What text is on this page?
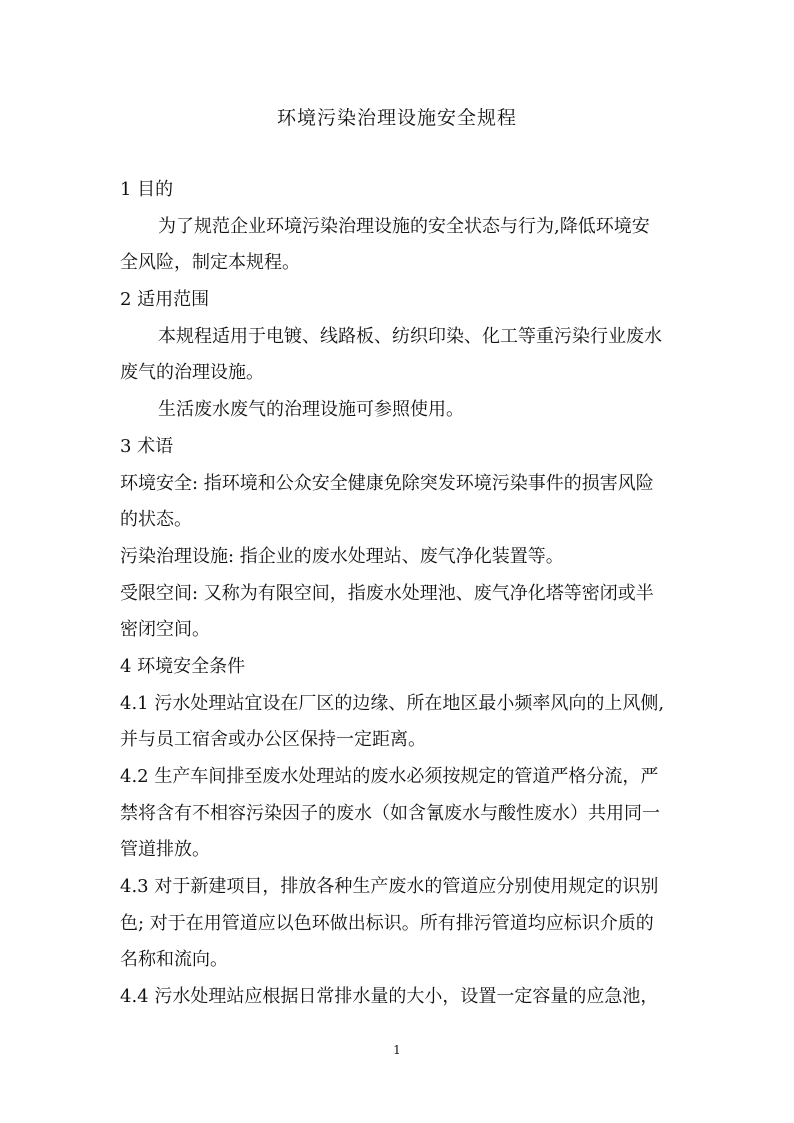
环境污染治理设施安全规程
1 目的
为了规范企业环境污染治理设施的安全状态与行为,降低环境安
全风险，制定本规程。
2 适用范围
本规程适用于电镀、线路板、纺织印染、化工等重污染行业废水
废气的治理设施。
生活废水废气的治理设施可参照使用。
3 术语
环境安全: 指环境和公众安全健康免除突发环境污染事件的损害风险
的状态。
污染治理设施: 指企业的废水处理站、废气净化装置等。
受限空间: 又称为有限空间，指废水处理池、废气净化塔等密闭或半
密闭空间。
4 环境安全条件
4.1 污水处理站宜设在厂区的边缘、所在地区最小频率风向的上风侧,
并与员工宿舍或办公区保持一定距离。
4.2 生产车间排至废水处理站的废水必须按规定的管道严格分流，严
禁将含有不相容污染因子的废水（如含氰废水与酸性废水）共用同一
管道排放。
4.3 对于新建项目，排放各种生产废水的管道应分别使用规定的识别
色; 对于在用管道应以色环做出标识。所有排污管道均应标识介质的
名称和流向。
4.4 污水处理站应根据日常排水量的大小，设置一定容量的应急池，
1
